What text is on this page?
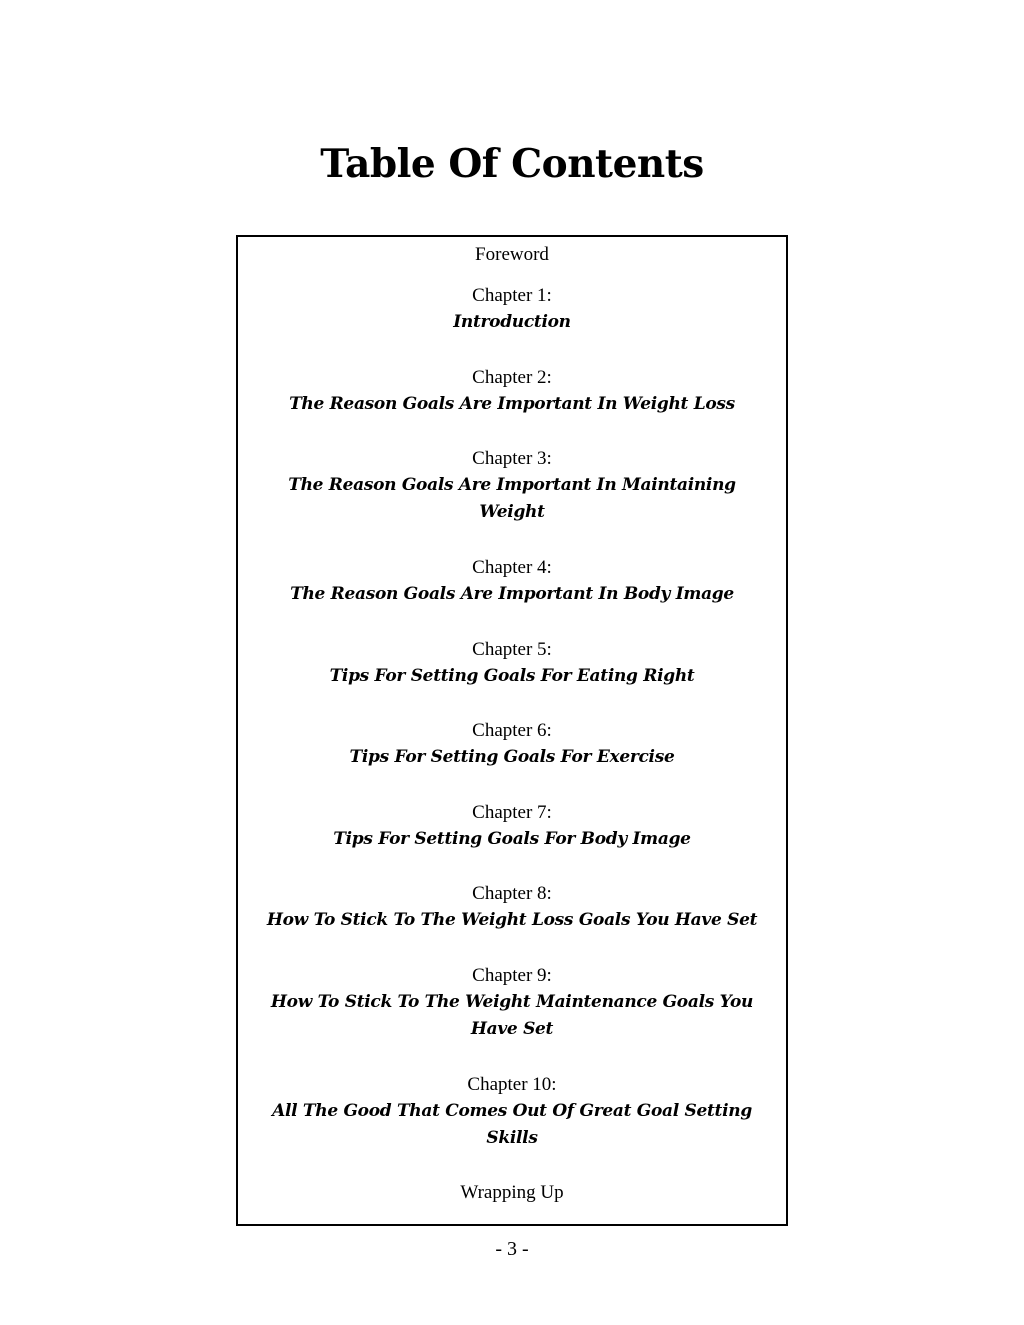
Table Of Contents
Foreword
Chapter 1:
Introduction
Chapter 2:
The Reason Goals Are Important In Weight Loss
Chapter 3:
The Reason Goals Are Important In Maintaining
Weight
Chapter 4:
The Reason Goals Are Important In Body Image
Chapter 5:
Tips For Setting Goals For Eating Right
Chapter 6:
Tips For Setting Goals For Exercise
Chapter 7:
Tips For Setting Goals For Body Image
Chapter 8:
How To Stick To The Weight Loss Goals You Have Set
Chapter 9:
How To Stick To The Weight Maintenance Goals You
Have Set
Chapter 10:
All The Good That Comes Out Of Great Goal Setting
Skills
Wrapping Up
- 3 -
